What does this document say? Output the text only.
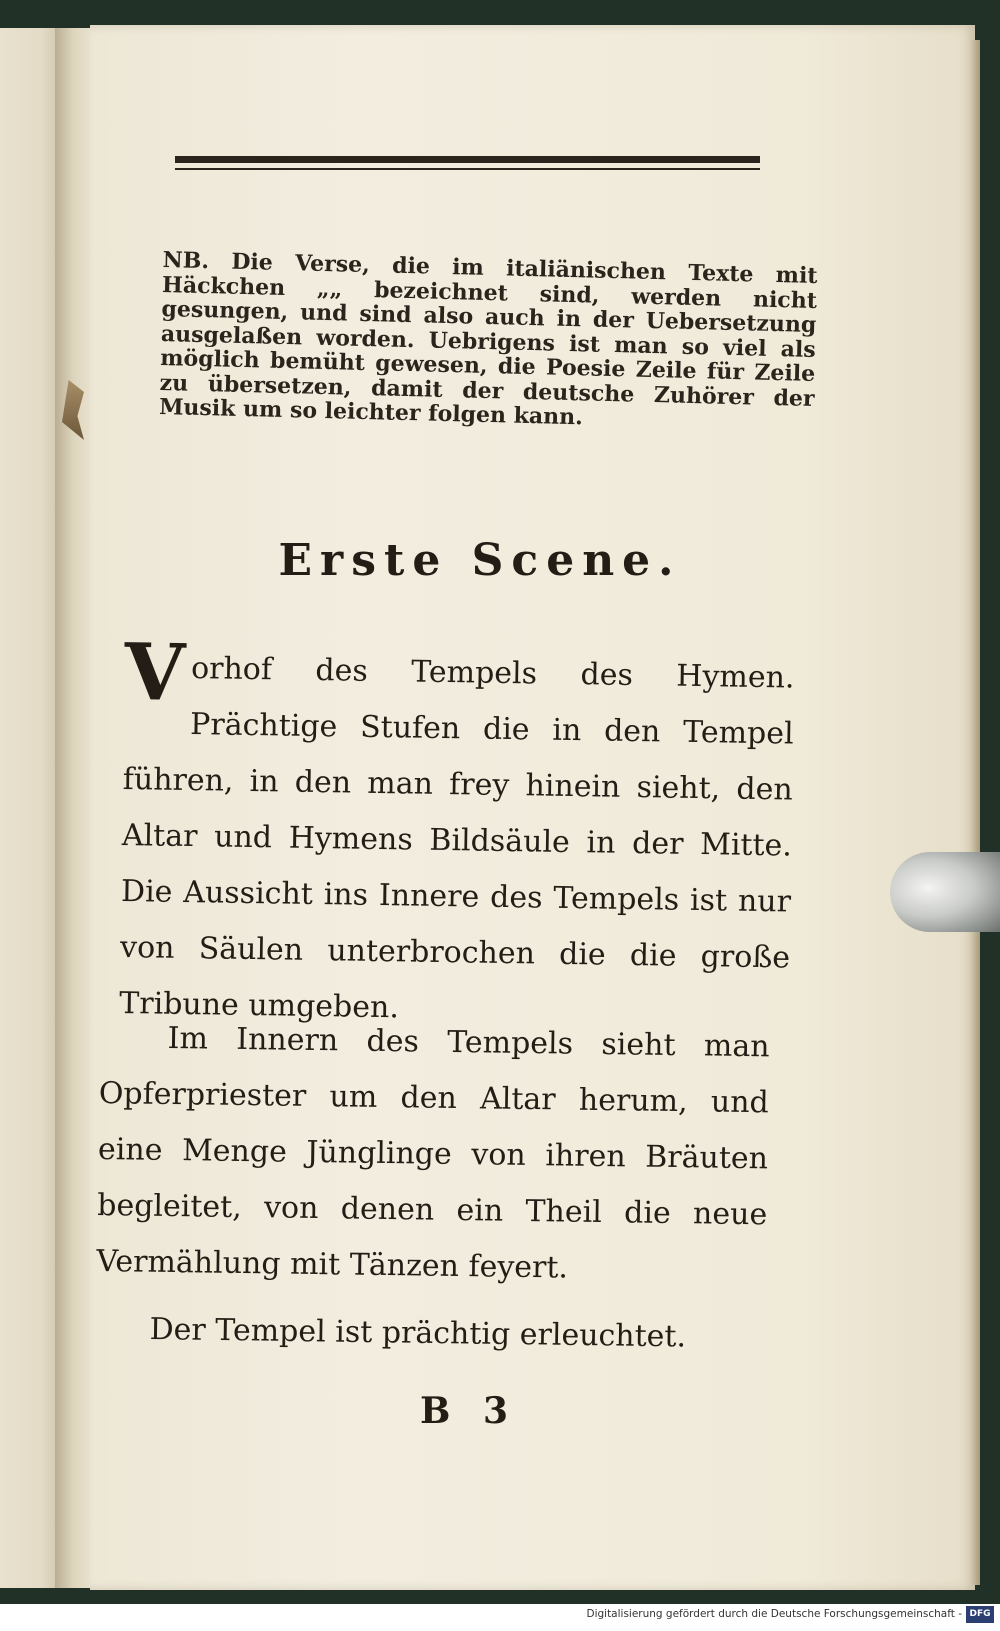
NB. Die Verse, die im italiänischen Texte mit Häckchen „„ bezeichnet sind, werden nicht gesungen, und sind also auch in der Uebersetzung ausgelaßen worden. Uebrigens ist man so viel als möglich bemüht gewesen, die Poesie Zeile für Zeile zu übersetzen, damit der deutsche Zuhörer der Musik um so leichter folgen kann.
Erste Scene.
Vorhof des Tempels des Hymen. Prächtige Stufen die in den Tempel führen, in den man frey hinein sieht, den Altar und Hymens Bildsäule in der Mitte. Die Aussicht ins Innere des Tempels ist nur von Säulen unterbrochen die die große Tribune umgeben.
Im Innern des Tempels sieht man Opferpriester um den Altar herum, und eine Menge Jünglinge von ihren Bräuten begleitet, von denen ein Theil die neue Vermählung mit Tänzen feyert.
Der Tempel ist prächtig erleuchtet.
B 3
Digitalisierung gefördert durch die Deutsche Forschungsgemeinschaft - DFG
